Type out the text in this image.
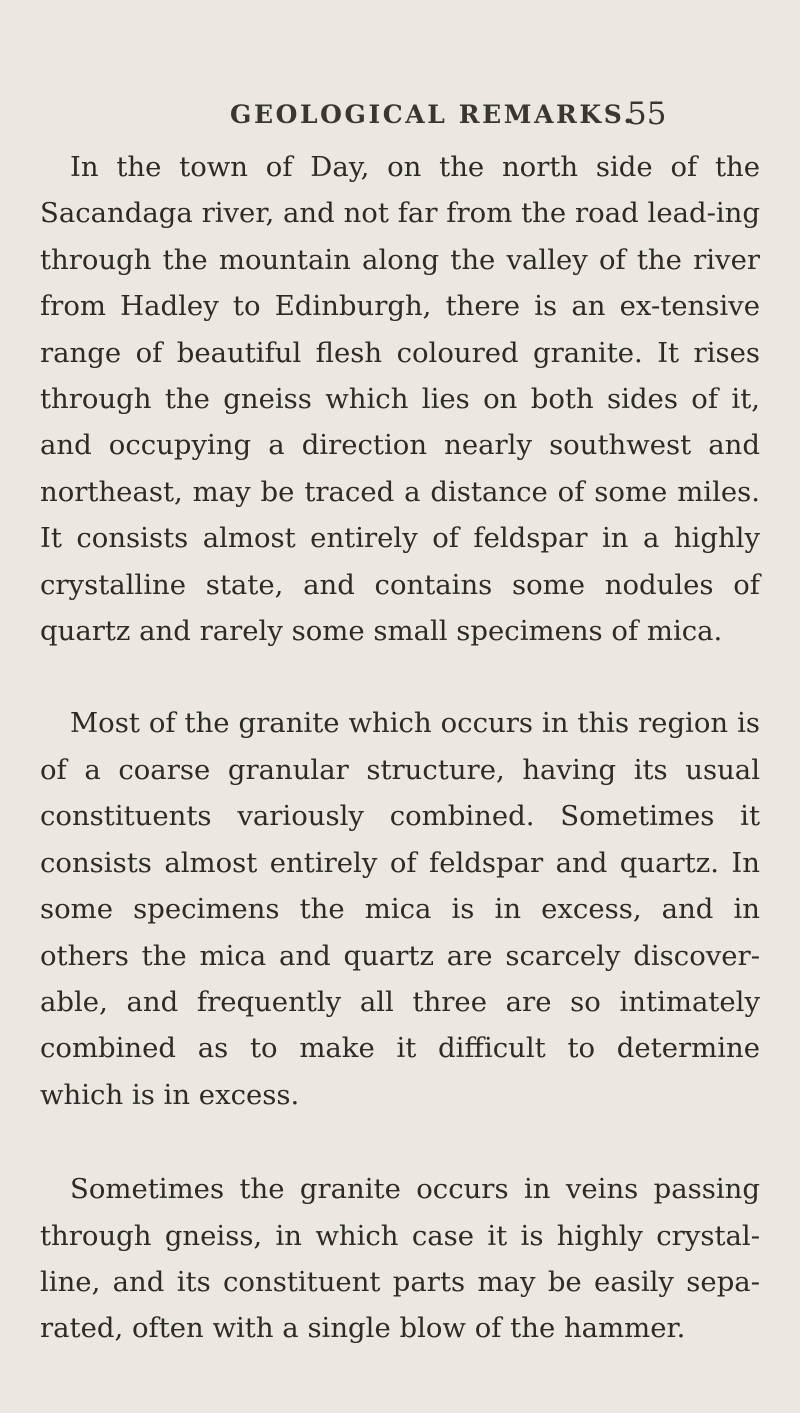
GEOLOGICAL REMARKS.
55

In the town of Day, on the north side of the Sacandaga river, and not far from the road lead-ing through the mountain along the valley of the river from Hadley to Edinburgh, there is an ex-tensive range of beautiful flesh coloured granite. It rises through the gneiss which lies on both sides of it, and occupying a direction nearly southwest and northeast, may be traced a distance of some miles. It consists almost entirely of feldspar in a highly crystalline state, and contains some nodules of quartz and rarely some small specimens of mica.

Most of the granite which occurs in this region is of a coarse granular structure, having its usual constituents variously combined. Sometimes it consists almost entirely of feldspar and quartz. In some specimens the mica is in excess, and in others the mica and quartz are scarcely discover-able, and frequently all three are so intimately combined as to make it difficult to determine which is in excess.

Sometimes the granite occurs in veins passing through gneiss, in which case it is highly crystal-line, and its constituent parts may be easily sepa-rated, often with a single blow of the hammer.
